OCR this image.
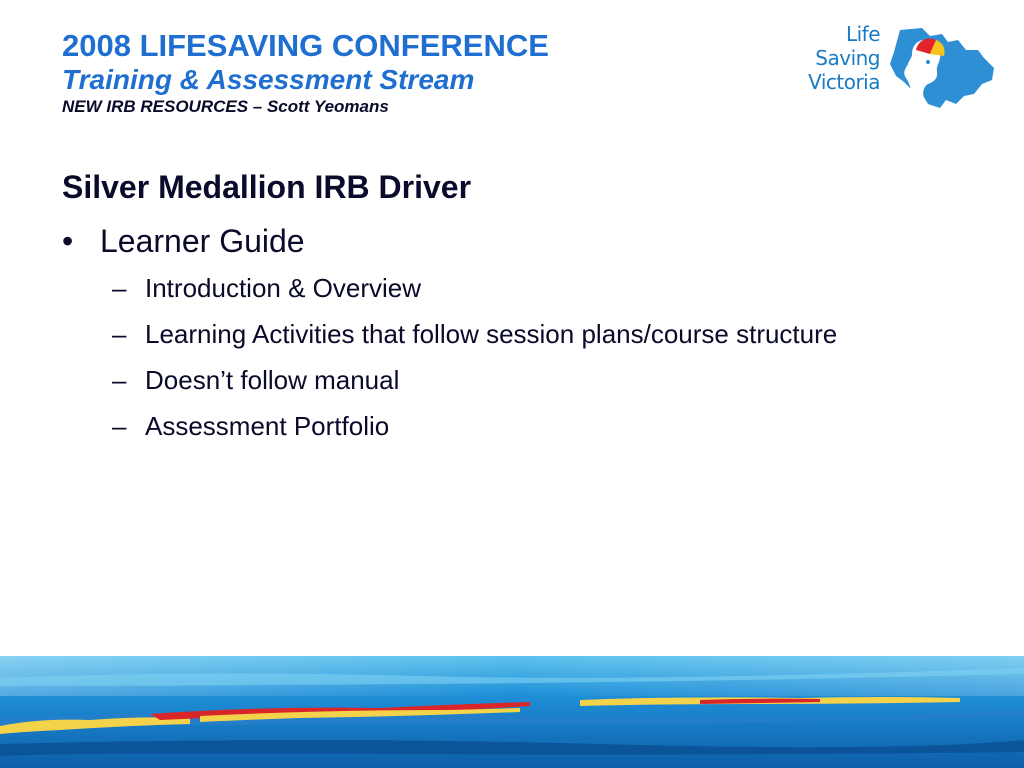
2008 LIFESAVING CONFERENCE
Training & Assessment Stream
NEW IRB RESOURCES – Scott Yeomans
Life
Saving
Victoria
Silver Medallion IRB Driver
• Learner Guide
– Introduction & Overview
– Learning Activities that follow session plans/course structure
– Doesn’t follow manual
– Assessment Portfolio
